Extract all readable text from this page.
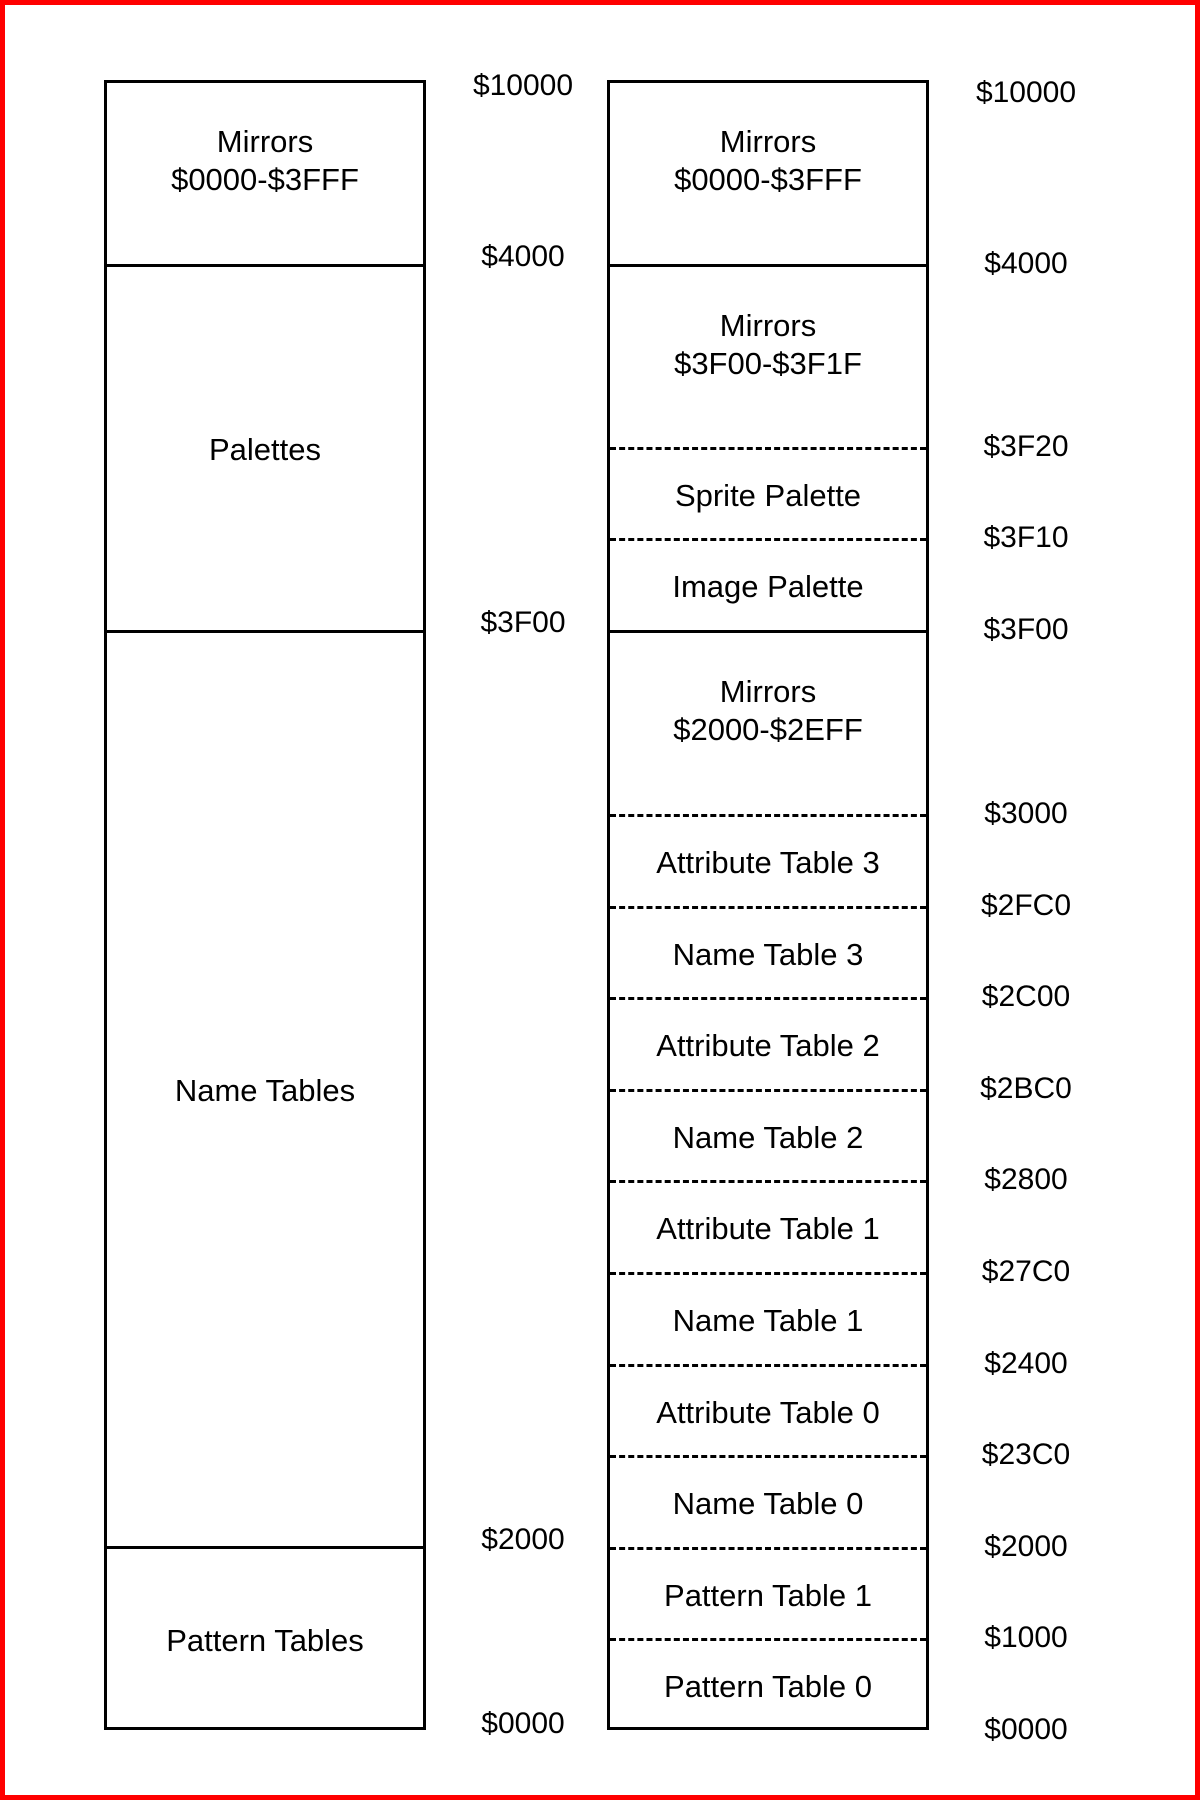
Mirrors
$0000-$3FFF
Palettes
Name Tables
Pattern Tables
$10000
$4000
$3F00
$2000
$0000
Mirrors
$0000-$3FFF
Mirrors
$3F00-$3F1F
Sprite Palette
Image Palette
Mirrors
$2000-$2EFF
Attribute Table 3
Name Table 3
Attribute Table 2
Name Table 2
Attribute Table 1
Name Table 1
Attribute Table 0
Name Table 0
Pattern Table 1
Pattern Table 0
$10000
$4000
$3F20
$3F10
$3F00
$3000
$2FC0
$2C00
$2BC0
$2800
$27C0
$2400
$23C0
$2000
$1000
$0000
